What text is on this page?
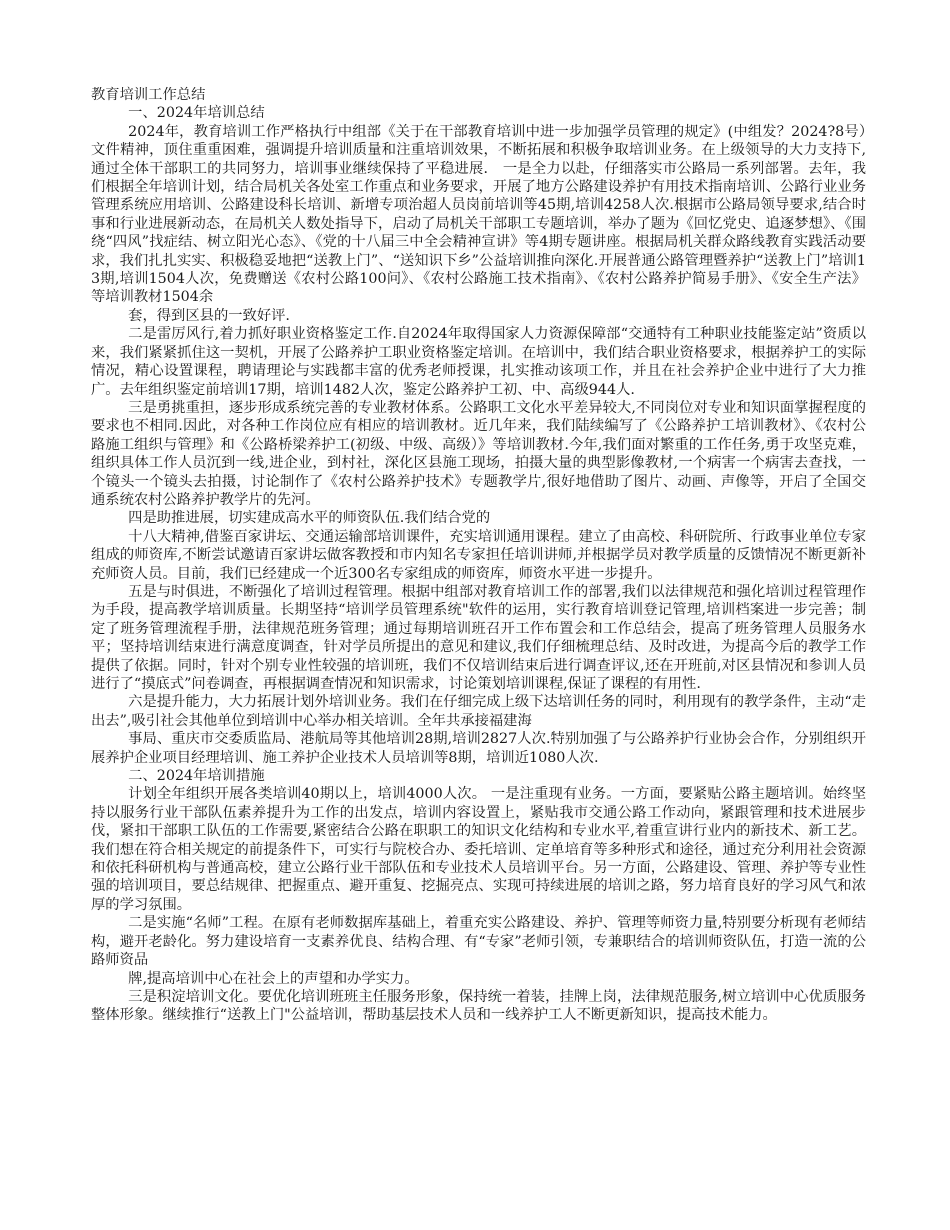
教育培训工作总结

一、2024年培训总结

2024年，教育培训工作严格执行中组部《关于在干部教育培训中进一步加强学员管理的规定》(中组发？2024?8号）文件精神，顶住重重困难，强调提升培训质量和注重培训效果，不断拓展和积极争取培训业务。在上级领导的大力支持下,通过全体干部职工的共同努力，培训事业继续保持了平稳进展． 一是全力以赴，仔细落实市公路局一系列部署。去年，我们根据全年培训计划，结合局机关各处室工作重点和业务要求，开展了地方公路建设养护有用技术指南培训、公路行业业务管理系统应用培训、公路建设科长培训、新增专项治超人员岗前培训等45期,培训4258人次.根据市公路局领导要求,结合时事和行业进展新动态，在局机关人数处指导下，启动了局机关干部职工专题培训，举办了题为《回忆党史、追逐梦想》、《围绕“四风”找症结、树立阳光心态》、《党的十八届三中全会精神宣讲》等4期专题讲座。根据局机关群众路线教育实践活动要求，我们扎扎实实、积极稳妥地把“送教上门”、“送知识下乡”公益培训推向深化.开展普通公路管理暨养护“送教上门”培训13期,培训1504人次，免费赠送《农村公路100问》、《农村公路施工技术指南》、《农村公路养护简易手册》、《安全生产法》等培训教材1504余

套，得到区县的一致好评.

二是雷厉风行,着力抓好职业资格鉴定工作.自2024年取得国家人力资源保障部“交通特有工种职业技能鉴定站”资质以来，我们紧紧抓住这一契机，开展了公路养护工职业资格鉴定培训。在培训中，我们结合职业资格要求，根据养护工的实际情况，精心设置课程，聘请理论与实践都丰富的优秀老师授课，扎实推动该项工作，并且在社会养护企业中进行了大力推广。去年组织鉴定前培训17期，培训1482人次，鉴定公路养护工初、中、高级944人.

三是勇挑重担，逐步形成系统完善的专业教材体系。公路职工文化水平差异较大,不同岗位对专业和知识面掌握程度的要求也不相同.因此，对各种工作岗位应有相应的培训教材。近几年来，我们陆续编写了《公路养护工培训教材》、《农村公路施工组织与管理》和《公路桥梁养护工(初级、中级、高级）》等培训教材.今年,我们面对繁重的工作任务,勇于攻坚克难，组织具体工作人员沉到一线,进企业，到村社，深化区县施工现场，拍摄大量的典型影像教材,一个病害一个病害去查找，一个镜头一个镜头去拍摄，讨论制作了《农村公路养护技术》专题教学片,很好地借助了图片、动画、声像等，开启了全国交通系统农村公路养护教学片的先河。

四是助推进展，切实建成高水平的师资队伍.我们结合党的

十八大精神,借鉴百家讲坛、交通运输部培训课件，充实培训通用课程。建立了由高校、科研院所、行政事业单位专家组成的师资库,不断尝试邀请百家讲坛做客教授和市内知名专家担任培训讲师,并根据学员对教学质量的反馈情况不断更新补充师资人员。目前，我们已经建成一个近300名专家组成的师资库，师资水平进一步提升。

五是与时俱进，不断强化了培训过程管理。根据中组部对教育培训工作的部署,我们以法律规范和强化培训过程管理作为手段，提高教学培训质量。长期坚持“培训学员管理系统"软件的运用，实行教育培训登记管理,培训档案进一步完善；制定了班务管理流程手册，法律规范班务管理；通过每期培训班召开工作布置会和工作总结会，提高了班务管理人员服务水平；坚持培训结束进行满意度调查，针对学员所提出的意见和建议,我们仔细梳理总结、及时改进，为提高今后的教学工作提供了依据。同时，针对个别专业性较强的培训班，我们不仅培训结束后进行调查评议,还在开班前,对区县情况和参训人员进行了“摸底式”问卷调查，再根据调查情况和知识需求，讨论策划培训课程,保证了课程的有用性.

六是提升能力，大力拓展计划外培训业务。我们在仔细完成上级下达培训任务的同时，利用现有的教学条件，主动“走出去”,吸引社会其他单位到培训中心举办相关培训。全年共承接福建海

事局、重庆市交委质监局、港航局等其他培训28期,培训2827人次.特别加强了与公路养护行业协会合作，分别组织开展养护企业项目经理培训、施工养护企业技术人员培训等8期，培训近1080人次.

二、2024年培训措施

计划全年组织开展各类培训40期以上，培训4000人次。 一是注重现有业务。一方面，要紧贴公路主题培训。始终坚持以服务行业干部队伍素养提升为工作的出发点，培训内容设置上，紧贴我市交通公路工作动向，紧跟管理和技术进展步伐，紧扣干部职工队伍的工作需要,紧密结合公路在职职工的知识文化结构和专业水平,着重宣讲行业内的新技术、新工艺。我们想在符合相关规定的前提条件下，可实行与院校合办、委托培训、定单培育等多种形式和途径，通过充分利用社会资源和依托科研机构与普通高校，建立公路行业干部队伍和专业技术人员培训平台。另一方面，公路建设、管理、养护等专业性强的培训项目，要总结规律、把握重点、避开重复、挖掘亮点、实现可持续进展的培训之路，努力培育良好的学习风气和浓厚的学习氛围。

二是实施“名师”工程。在原有老师数据库基础上，着重充实公路建设、养护、管理等师资力量,特别要分析现有老师结构，避开老龄化。努力建设培育一支素养优良、结构合理、有“专家”老师引领，专兼职结合的培训师资队伍，打造一流的公路师资品

牌,提高培训中心在社会上的声望和办学实力。

三是积淀培训文化。要优化培训班班主任服务形象，保持统一着装，挂牌上岗，法律规范服务,树立培训中心优质服务整体形象。继续推行“送教上门"公益培训，帮助基层技术人员和一线养护工人不断更新知识，提高技术能力。
